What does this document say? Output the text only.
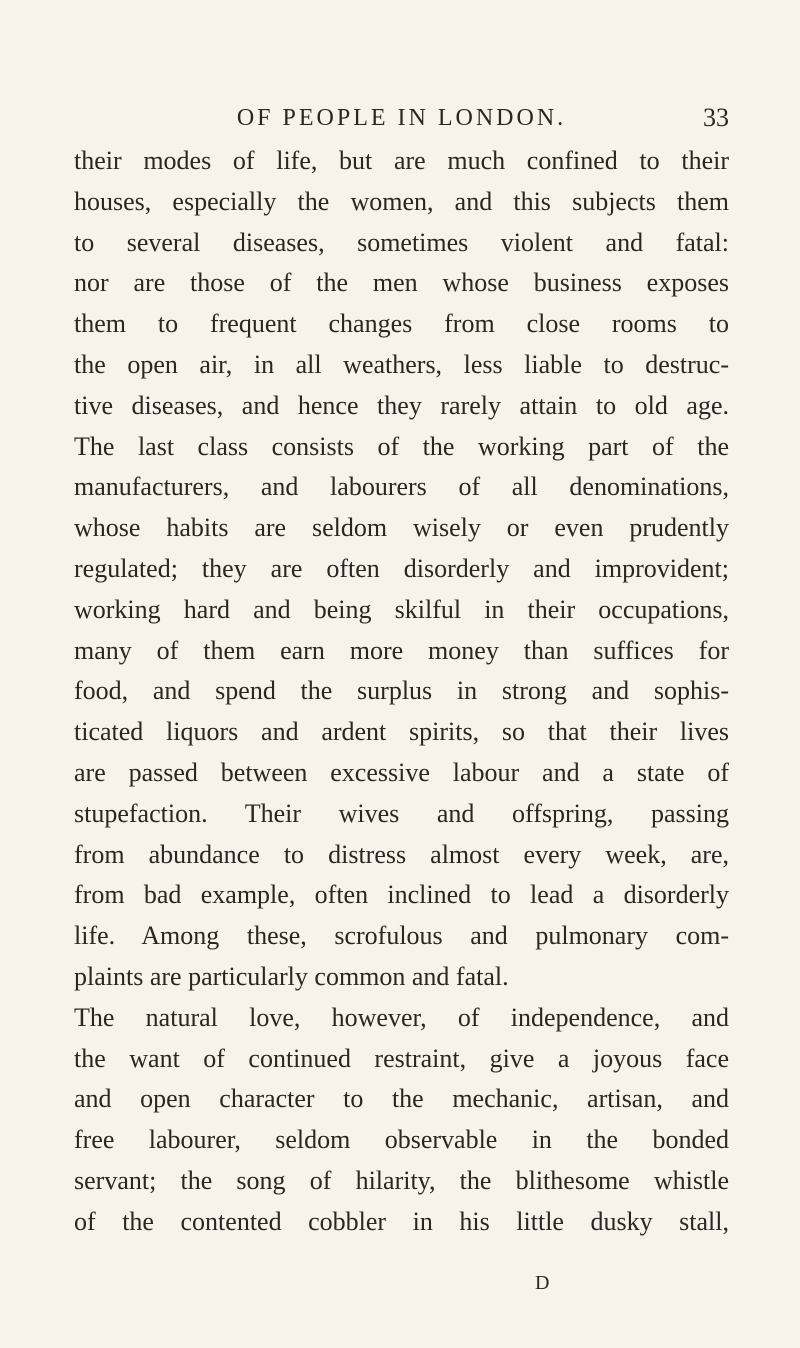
OF PEOPLE IN LONDON.	33
their modes of life, but are much confined to their
houses, especially the women, and this subjects them
to several diseases, sometimes violent and fatal:
nor are those of the men whose business exposes
them to frequent changes from close rooms to
the open air, in all weathers, less liable to destruc-
tive diseases, and hence they rarely attain to old age.
The last class consists of the working part of the
manufacturers, and labourers of all denominations,
whose habits are seldom wisely or even prudently
regulated; they are often disorderly and improvident;
working hard and being skilful in their occupations,
many of them earn more money than suffices for
food, and spend the surplus in strong and sophis-
ticated liquors and ardent spirits, so that their lives
are passed between excessive labour and a state of
stupefaction. Their wives and offspring, passing
from abundance to distress almost every week, are,
from bad example, often inclined to lead a disorderly
life. Among these, scrofulous and pulmonary com-
plaints are particularly common and fatal.
The natural love, however, of independence, and
the want of continued restraint, give a joyous face
and open character to the mechanic, artisan, and
free labourer, seldom observable in the bonded
servant; the song of hilarity, the blithesome whistle
of the contented cobbler in his little dusky stall,
D
